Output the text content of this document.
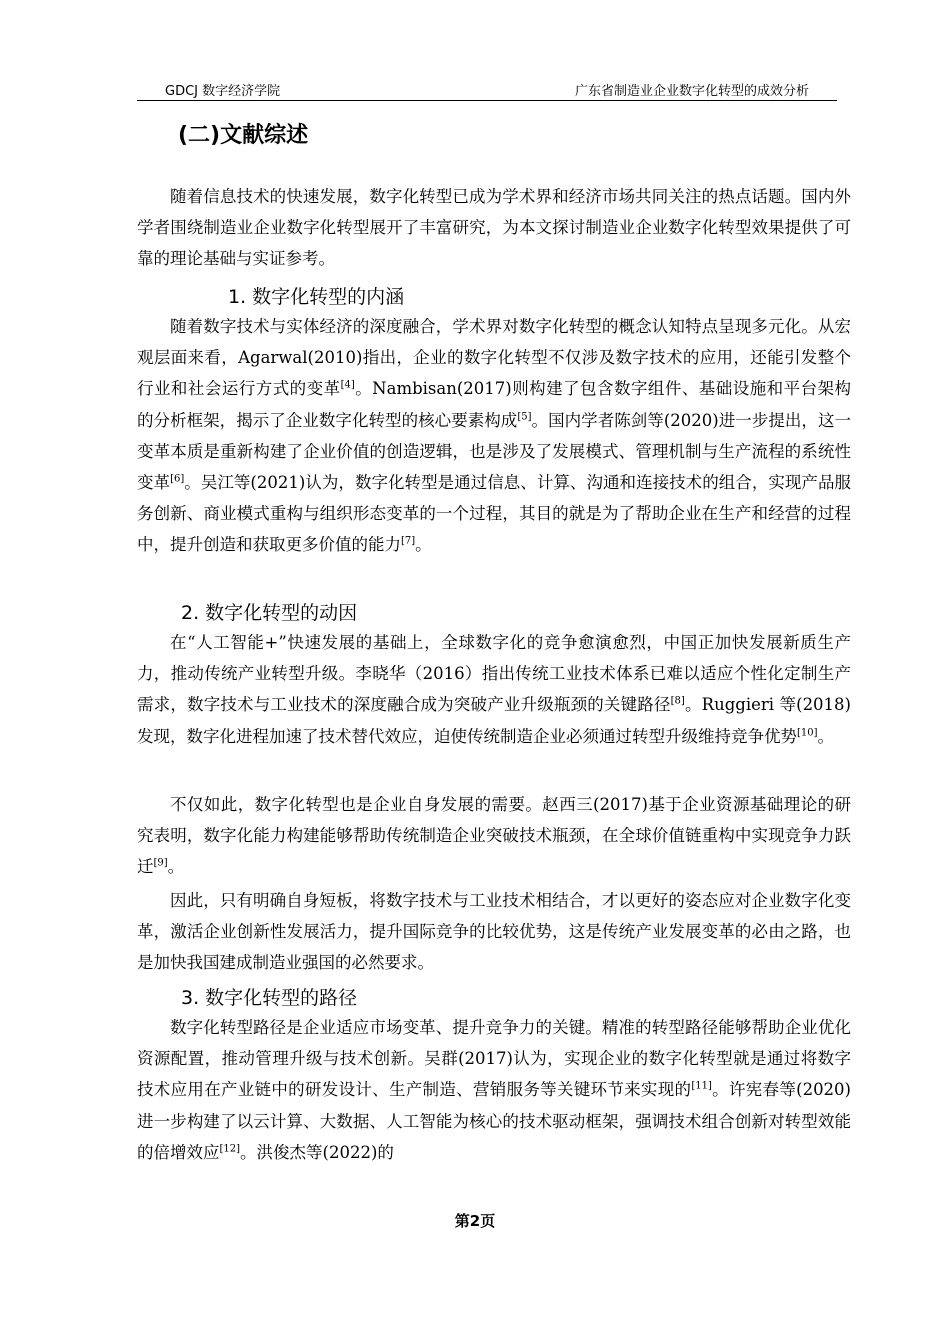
GDCJ 数字经济学院	广东省制造业企业数字化转型的成效分析
(二)文献综述

随着信息技术的快速发展，数字化转型已成为学术界和经济市场共同关注的热点话题。国内外学者围绕制造业企业数字化转型展开了丰富研究，为本文探讨制造业企业数字化转型效果提供了可靠的理论基础与实证参考。

1. 数字化转型的内涵

随着数字技术与实体经济的深度融合，学术界对数字化转型的概念认知特点呈现多元化。从宏观层面来看，Agarwal(2010)指出，企业的数字化转型不仅涉及数字技术的应用，还能引发整个行业和社会运行方式的变革[4]。Nambisan(2017)则构建了包含数字组件、基础设施和平台架构的分析框架，揭示了企业数字化转型的核心要素构成[5]。国内学者陈剑等(2020)进一步提出，这一变革本质是重新构建了企业价值的创造逻辑，也是涉及了发展模式、管理机制与生产流程的系统性变革[6]。吴江等(2021)认为，数字化转型是通过信息、计算、沟通和连接技术的组合，实现产品服务创新、商业模式重构与组织形态变革的一个过程，其目的就是为了帮助企业在生产和经营的过程中，提升创造和获取更多价值的能力[7]。

2. 数字化转型的动因

在“人工智能+”快速发展的基础上，全球数字化的竞争愈演愈烈，中国正加快发展新质生产力，推动传统产业转型升级。李晓华（2016）指出传统工业技术体系已难以适应个性化定制生产需求，数字技术与工业技术的深度融合成为突破产业升级瓶颈的关键路径[8]。Ruggieri 等(2018)发现，数字化进程加速了技术替代效应，迫使传统制造企业必须通过转型升级维持竞争优势[10]。

不仅如此，数字化转型也是企业自身发展的需要。赵西三(2017)基于企业资源基础理论的研究表明，数字化能力构建能够帮助传统制造企业突破技术瓶颈，在全球价值链重构中实现竞争力跃迁[9]。

因此，只有明确自身短板，将数字技术与工业技术相结合，才以更好的姿态应对企业数字化变革，激活企业创新性发展活力，提升国际竞争的比较优势，这是传统产业发展变革的必由之路，也是加快我国建成制造业强国的必然要求。

3. 数字化转型的路径

数字化转型路径是企业适应市场变革、提升竞争力的关键。精准的转型路径能够帮助企业优化资源配置，推动管理升级与技术创新。吴群(2017)认为，实现企业的数字化转型就是通过将数字技术应用在产业链中的研发设计、生产制造、营销服务等关键环节来实现的[11]。许宪春等(2020)进一步构建了以云计算、大数据、人工智能为核心的技术驱动框架，强调技术组合创新对转型效能的倍增效应[12]。洪俊杰等(2022)的

第2页
